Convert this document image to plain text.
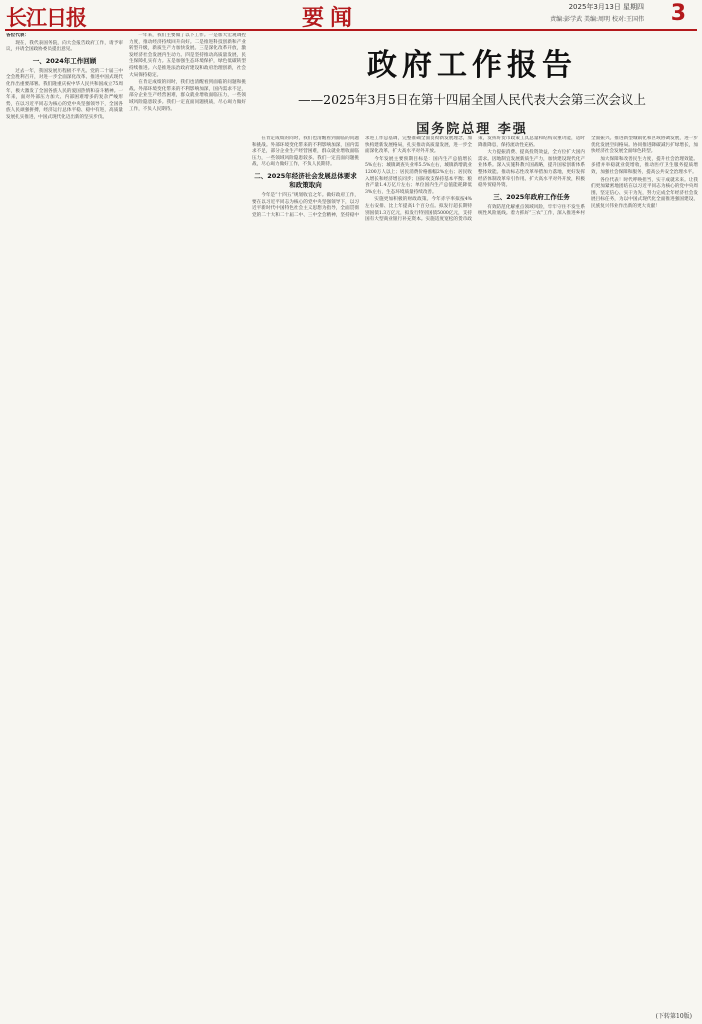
长江日报	要闻	2025年3月13日 星期四
责编:彭学武 美编:周明 校对:王国伟 3

各位代表：

现在，我代表国务院，向大会报告政府工作，请予审议，并请全国政协委员提出意见。

一、2024年工作回顾

过去一年，我国发展历程极不平凡。党的二十届三中全会胜利召开，对进一步全面深化改革、推进中国式现代化作出重要部署。我们隆重庆祝中华人民共和国成立75周年，极大激发了全国各族人民的爱国热情和奋斗精神。一年来，面对外部压力加大、内部困难增多的复杂严峻形势，在以习近平同志为核心的党中央坚强领导下，全国各族人民顽强拼搏，经济运行总体平稳、稳中有进，高质量发展扎实推进，中国式现代化迈出新的坚实步伐。

一年来，我们主要做了以下工作。一是加大宏观调控力度，推动经济持续回升向好。二是推进科技创新和产业转型升级，新质生产力加快发展。三是深化改革开放，激发经济社会发展内生动力。四是坚持推动高质量发展，民生保障扎实有力。五是加强生态环境保护，绿色低碳转型持续推进。六是推进法治政府建设和政府治理创新，社会大局保持稳定。

在肯定成绩的同时，我们也清醒看到面临的问题和挑战。外部环境变化带来的不利影响加深，国内需求不足，部分企业生产经营困难，群众就业增收面临压力，一些领域风险隐患较多。我们一定直面问题挑战，尽心竭力做好工作，不负人民期待。

政府工作报告
——2025年3月5日在第十四届全国人民代表大会第三次会议上
国务院总理 李强

在肯定成绩的同时，我们也清醒看到面临的问题和挑战。外部环境变化带来的不利影响加深，国内需求不足，部分企业生产经营困难，群众就业增收面临压力，一些领域风险隐患较多。我们一定直面问题挑战，尽心竭力做好工作，不负人民期待。

二、2025年经济社会发展总体要求和政策取向

今年是“十四五”规划收官之年。做好政府工作，要在以习近平同志为核心的党中央坚强领导下，以习近平新时代中国特色社会主义思想为指导，全面贯彻党的二十大和二十届二中、三中全会精神，坚持稳中求进工作总基调，完整准确全面贯彻新发展理念，加快构建新发展格局，扎实推动高质量发展，进一步全面深化改革，扩大高水平对外开放。

今年发展主要预期目标是：国内生产总值增长5%左右；城镇调查失业率5.5%左右，城镇新增就业1200万人以上；居民消费价格涨幅2%左右；居民收入增长和经济增长同步；国际收支保持基本平衡；粮食产量1.4万亿斤左右；单位国内生产总值能耗降低3%左右，生态环境质量持续改善。

实施更加积极的财政政策。今年赤字率拟按4%左右安排、比上年提高1个百分点。拟发行超长期特别国债1.3万亿元，拟发行特别国债5000亿元，支持国有大型商业银行补充资本。实施适度宽松的货币政策，发挥好货币政策工具总量和结构双重功能，适时降准降息，保持流动性充裕。

大力提振消费、提高投资效益，全方位扩大国内需求。因地制宜发展新质生产力，加快建设现代化产业体系。深入实施科教兴国战略，提升国家创新体系整体效能。推动标志性改革举措加力落地，更好发挥经济体制改革牵引作用。扩大高水平对外开放，积极稳外贸稳外资。

三、2025年政府工作任务

有效防范化解重点领域风险，牢牢守住不发生系统性风险底线。着力抓好“三农”工作，深入推进乡村全面振兴。推进新型城镇化和区域协调发展，进一步优化发展空间格局。协同推进降碳减污扩绿增长，加快经济社会发展全面绿色转型。

加大保障和改善民生力度，提升社会治理效能。多措并举稳就业促增收，推动医疗卫生服务提质增效，加强社会保障和服务，提高公共安全治理水平。

各位代表！时代呼唤担当，实干成就未来。让我们更加紧密地团结在以习近平同志为核心的党中央周围，坚定信心、实干为先，努力完成全年经济社会发展目标任务，为以中国式现代化全面推进强国建设、民族复兴伟业作出新的更大贡献！

(下转第10版)
